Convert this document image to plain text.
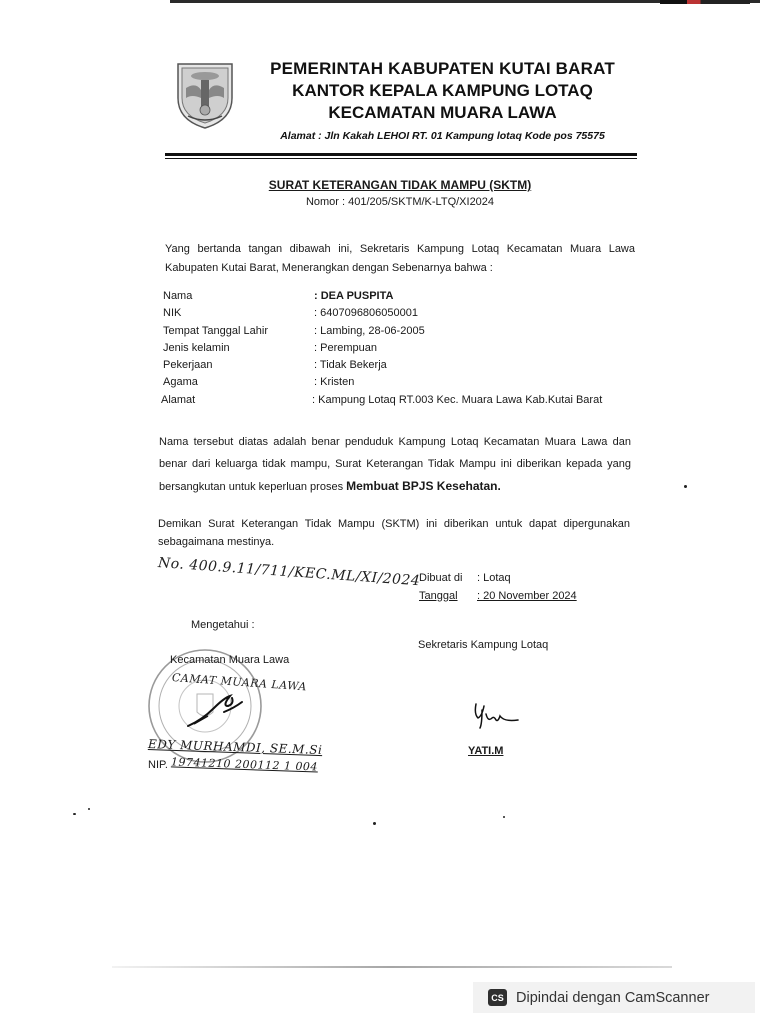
PEMERINTAH KABUPATEN KUTAI BARAT
KANTOR KEPALA KAMPUNG LOTAQ
KECAMATAN MUARA LAWA
Alamat : Jln Kakah LEHOI RT. 01 Kampung lotaq Kode pos 75575
SURAT KETERANGAN TIDAK MAMPU (SKTM)
Nomor : 401/205/SKTM/K-LTQ/XI2024
Yang bertanda tangan dibawah ini, Sekretaris Kampung Lotaq Kecamatan Muara Lawa Kabupaten Kutai Barat, Menerangkan dengan Sebenarnya bahwa :
Nama	: DEA PUSPITA
NIK	: 6407096806050001
Tempat Tanggal Lahir	: Lambing, 28-06-2005
Jenis kelamin	: Perempuan
Pekerjaan	: Tidak Bekerja
Agama	: Kristen
Alamat	: Kampung Lotaq RT.003 Kec. Muara Lawa Kab.Kutai Barat
Nama tersebut diatas adalah benar penduduk Kampung Lotaq Kecamatan Muara Lawa dan benar dari keluarga tidak mampu, Surat Keterangan Tidak Mampu ini diberikan kepada yang bersangkutan untuk keperluan proses Membuat BPJS Kesehatan.
Demikan Surat Keterangan Tidak Mampu (SKTM) ini diberikan untuk dapat dipergunakan sebagaimana mestinya.
No. 400.9.11/711/KEC.ML/XI/2024
Dibuat di : Lotaq
Tanggal : 20 November 2024
Mengetahui :
Sekretaris Kampung Lotaq
Kecamatan Muara Lawa
CAMAT MUARA LAWA
EDY MURHAMDI, SE.M.Si
NIP. 19741210 200112 1 004
YATI.M
CS Dipindai dengan CamScanner
